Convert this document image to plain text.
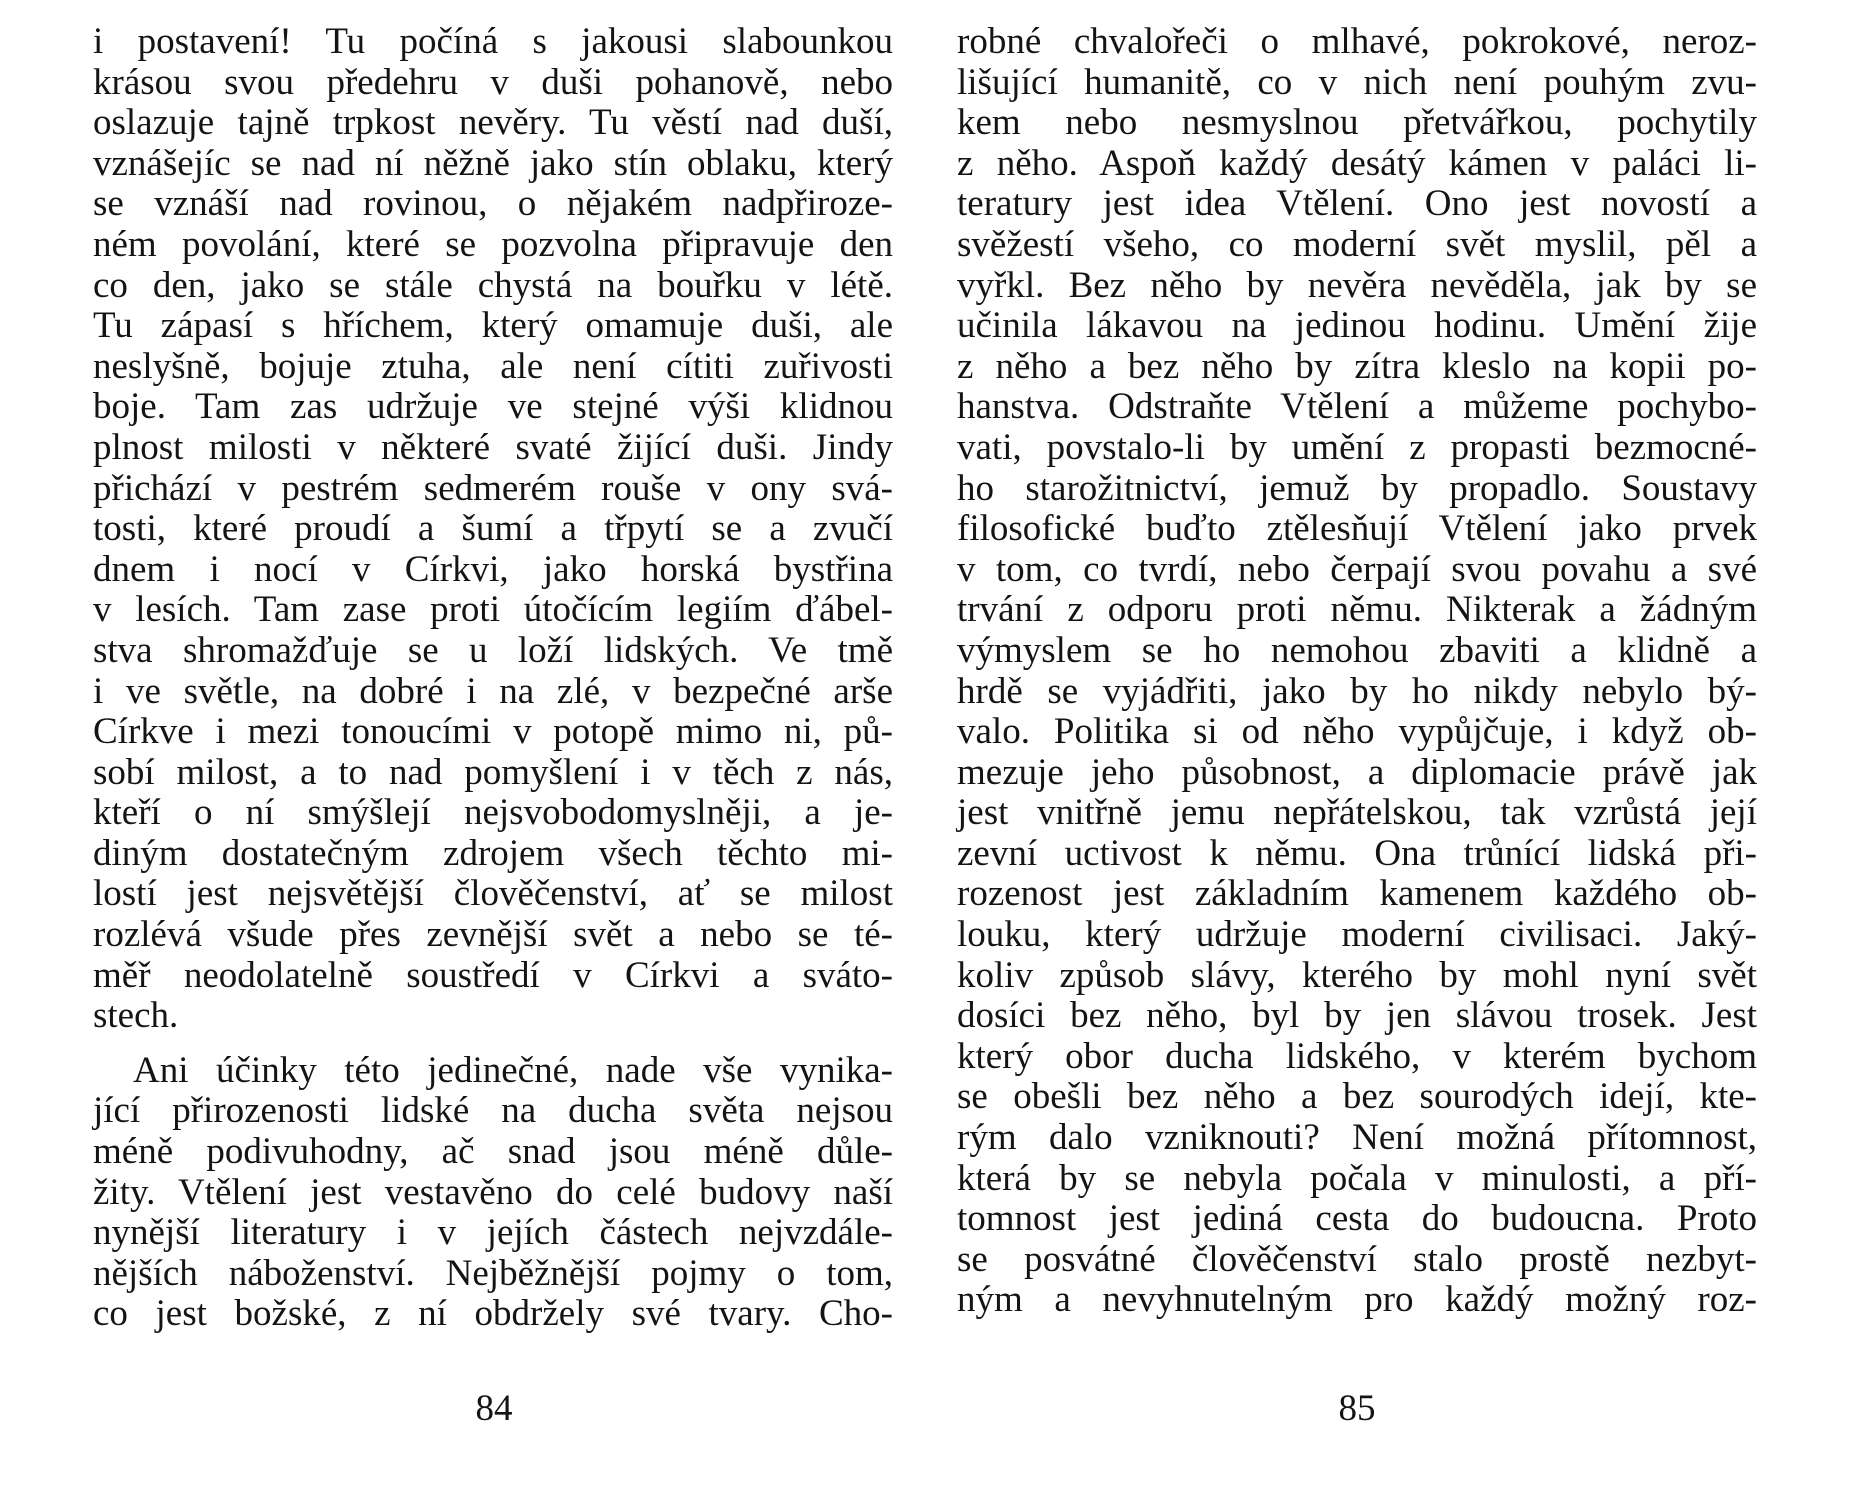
i postavení! Tu počíná s jakousi slabounkou
krásou svou předehru v duši pohanově, nebo
oslazuje tajně trpkost nevěry. Tu věstí nad duší,
vznášejíc se nad ní něžně jako stín oblaku, který
se vznáší nad rovinou, o nějakém nadpřiroze-
ném povolání, které se pozvolna připravuje den
co den, jako se stále chystá na bouřku v létě.
Tu zápasí s hříchem, který omamuje duši, ale
neslyšně, bojuje ztuha, ale není cítiti zuřivosti
boje. Tam zas udržuje ve stejné výši klidnou
plnost milosti v některé svaté žijící duši. Jindy
přichází v pestrém sedmerém rouše v ony svá-
tosti, které proudí a šumí a třpytí se a zvučí
dnem i nocí v Církvi, jako horská bystřina
v lesích. Tam zase proti útočícím legiím ďábel-
stva shromažďuje se u loží lidských. Ve tmě
i ve světle, na dobré i na zlé, v bezpečné arše
Církve i mezi tonoucími v potopě mimo ni, pů-
sobí milost, a to nad pomyšlení i v těch z nás,
kteří o ní smýšlejí nejsvobodomyslněji, a je-
diným dostatečným zdrojem všech těchto mi-
lostí jest nejsvětější člověčenství, ať se milost
rozlévá všude přes zevnější svět a nebo se té-
měř neodolatelně soustředí v Církvi a sváto-
stech.
Ani účinky této jedinečné, nade vše vynika-
jící přirozenosti lidské na ducha světa nejsou
méně podivuhodny, ač snad jsou méně důle-
žity. Vtělení jest vestavěno do celé budovy naší
nynější literatury i v jejích částech nejvzdále-
nějších náboženství. Nejběžnější pojmy o tom,
co jest božské, z ní obdržely své tvary. Cho-
84
robné chvalořeči o mlhavé, pokrokové, neroz-
lišující humanitě, co v nich není pouhým zvu-
kem nebo nesmyslnou přetvářkou, pochytily
z něho. Aspoň každý desátý kámen v paláci li-
teratury jest idea Vtělení. Ono jest novostí a
svěžestí všeho, co moderní svět myslil, pěl a
vyřkl. Bez něho by nevěra nevěděla, jak by se
učinila lákavou na jedinou hodinu. Umění žije
z něho a bez něho by zítra kleslo na kopii po-
hanstva. Odstraňte Vtělení a můžeme pochybo-
vati, povstalo-li by umění z propasti bezmocné-
ho starožitnictví, jemuž by propadlo. Soustavy
filosofické buďto ztělesňují Vtělení jako prvek
v tom, co tvrdí, nebo čerpají svou povahu a své
trvání z odporu proti němu. Nikterak a žádným
výmyslem se ho nemohou zbaviti a klidně a
hrdě se vyjádřiti, jako by ho nikdy nebylo bý-
valo. Politika si od něho vypůjčuje, i když ob-
mezuje jeho působnost, a diplomacie právě jak
jest vnitřně jemu nepřátelskou, tak vzrůstá její
zevní uctivost k němu. Ona trůnící lidská při-
rozenost jest základním kamenem každého ob-
louku, který udržuje moderní civilisaci. Jaký-
koliv způsob slávy, kterého by mohl nyní svět
dosíci bez něho, byl by jen slávou trosek. Jest
který obor ducha lidského, v kterém bychom
se obešli bez něho a bez sourodých idejí, kte-
rým dalo vzniknouti? Není možná přítomnost,
která by se nebyla počala v minulosti, a pří-
tomnost jest jediná cesta do budoucna. Proto
se posvátné člověčenství stalo prostě nezbyt-
ným a nevyhnutelným pro každý možný roz-
85
